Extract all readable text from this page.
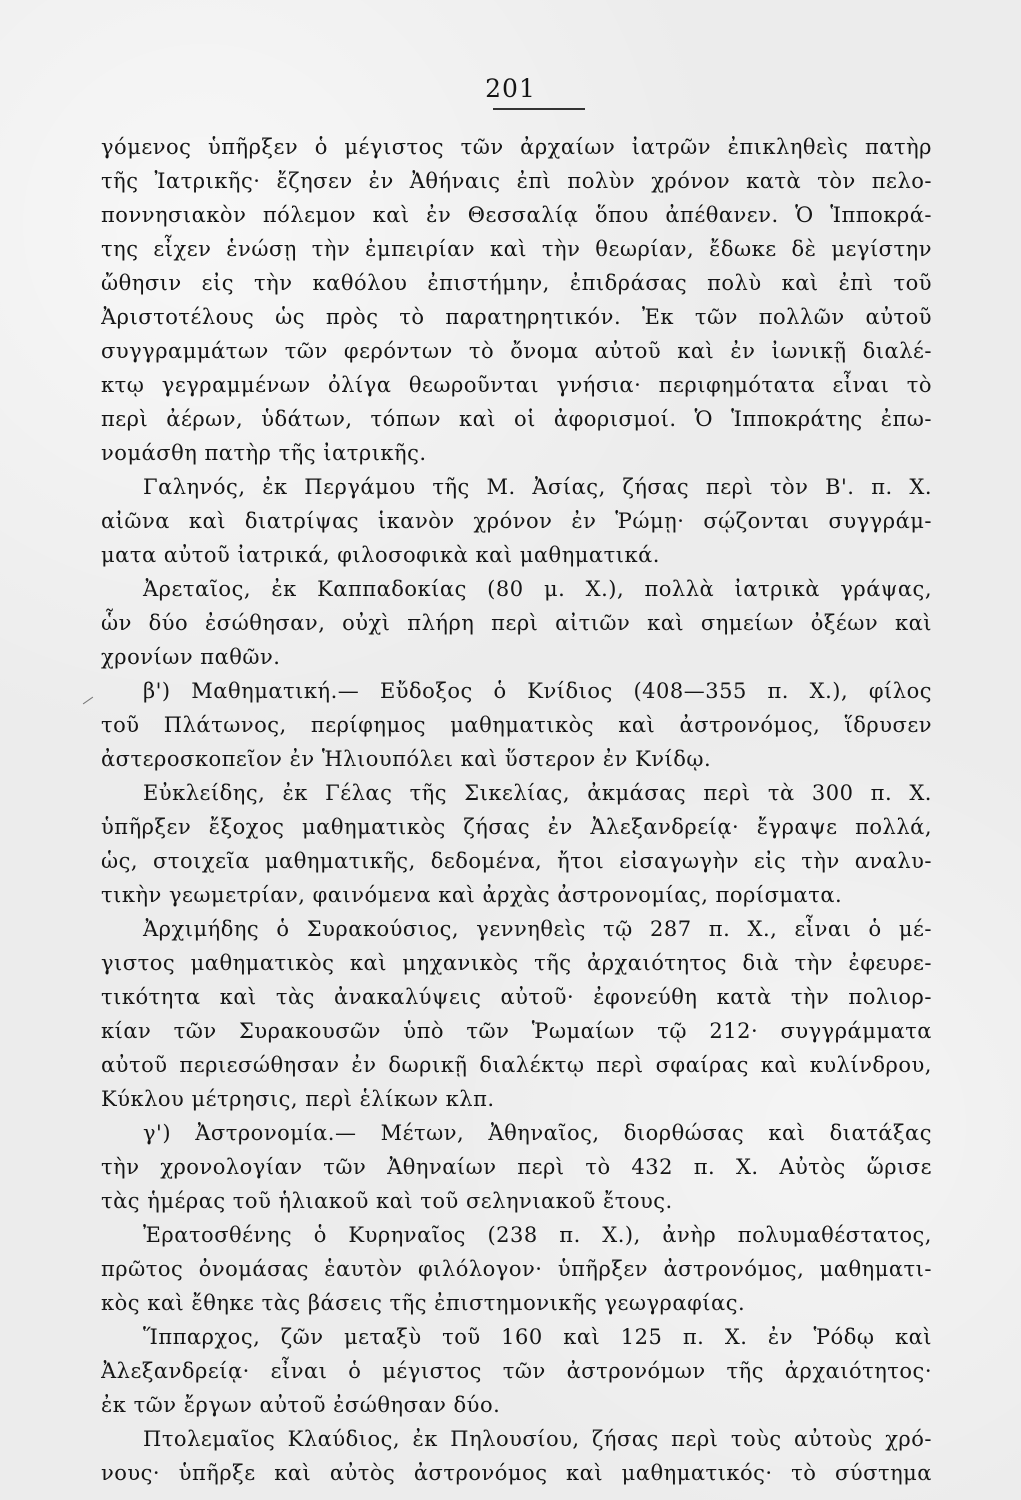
201
γόμενος ὑπῆρξεν ὁ μέγιστος τῶν ἀρχαίων ἰατρῶν ἐπικληθεὶς πατὴρ
τῆς Ἰατρικῆς· ἔζησεν ἐν Ἀθήναις ἐπὶ πολὺν χρόνον κατὰ τὸν πελο-
ποννησιακὸν πόλεμον καὶ ἐν Θεσσαλίᾳ ὅπου ἀπέθανεν. Ὁ Ἱπποκρά-
της εἶχεν ἑνώσῃ τὴν ἐμπειρίαν καὶ τὴν θεωρίαν, ἔδωκε δὲ μεγίστην
ὤθησιν εἰς τὴν καθόλου ἐπιστήμην, ἐπιδράσας πολὺ καὶ ἐπὶ τοῦ
Ἀριστοτέλους ὡς πρὸς τὸ παρατηρητικόν. Ἐκ τῶν πολλῶν αὐτοῦ
συγγραμμάτων τῶν φερόντων τὸ ὄνομα αὐτοῦ καὶ ἐν ἰωνικῇ διαλέ-
κτῳ γεγραμμένων ὀλίγα θεωροῦνται γνήσια· περιφημότατα εἶναι τὸ
περὶ ἀέρων, ὑδάτων, τόπων καὶ οἱ ἀφορισμοί. Ὁ Ἱπποκράτης ἐπω-
νομάσθη πατὴρ τῆς ἰατρικῆς.
Γαληνός, ἐκ Περγάμου τῆς Μ. Ἀσίας, ζήσας περὶ τὸν Β'. π. Χ.
αἰῶνα καὶ διατρίψας ἱκανὸν χρόνον ἐν Ῥώμῃ· σῴζονται συγγράμ-
ματα αὐτοῦ ἰατρικά, φιλοσοφικὰ καὶ μαθηματικά.
Ἀρεταῖος, ἐκ Καππαδοκίας (80 μ. Χ.), πολλὰ ἰατρικὰ γράψας,
ὧν δύο ἐσώθησαν, οὐχὶ πλήρη περὶ αἰτιῶν καὶ σημείων ὀξέων καὶ
χρονίων παθῶν.
β') Μαθηματική.— Εὔδοξος ὁ Κνίδιος (408—355 π. Χ.), φίλος
τοῦ Πλάτωνος, περίφημος μαθηματικὸς καὶ ἀστρονόμος, ἵδρυσεν
ἀστεροσκοπεῖον ἐν Ἡλιουπόλει καὶ ὕστερον ἐν Κνίδῳ.
Εὐκλείδης, ἐκ Γέλας τῆς Σικελίας, ἀκμάσας περὶ τὰ 300 π. Χ.
ὑπῆρξεν ἔξοχος μαθηματικὸς ζήσας ἐν Ἀλεξανδρείᾳ· ἔγραψε πολλά,
ὡς, στοιχεῖα μαθηματικῆς, δεδομένα, ἤτοι εἰσαγωγὴν εἰς τὴν αναλυ-
τικὴν γεωμετρίαν, φαινόμενα καὶ ἀρχὰς ἀστρονομίας, πορίσματα.
Ἀρχιμήδης ὁ Συρακούσιος, γεννηθεὶς τῷ 287 π. Χ., εἶναι ὁ μέ-
γιστος μαθηματικὸς καὶ μηχανικὸς τῆς ἀρχαιότητος διὰ τὴν ἐφευρε-
τικότητα καὶ τὰς ἀνακαλύψεις αὐτοῦ· ἐφονεύθη κατὰ τὴν πολιορ-
κίαν τῶν Συρακουσῶν ὑπὸ τῶν Ῥωμαίων τῷ 212· συγγράμματα
αὐτοῦ περιεσώθησαν ἐν δωρικῇ διαλέκτῳ περὶ σφαίρας καὶ κυλίνδρου,
Κύκλου μέτρησις, περὶ ἑλίκων κλπ.
γ') Ἀστρονομία.— Μέτων, Ἀθηναῖος, διορθώσας καὶ διατάξας
τὴν χρονολογίαν τῶν Ἀθηναίων περὶ τὸ 432 π. Χ. Αὐτὸς ὥρισε
τὰς ἡμέρας τοῦ ἡλιακοῦ καὶ τοῦ σεληνιακοῦ ἔτους.
Ἐρατοσθένης ὁ Κυρηναῖος (238 π. Χ.), ἀνὴρ πολυμαθέστατος,
πρῶτος ὀνομάσας ἑαυτὸν φιλόλογον· ὑπῆρξεν ἀστρονόμος, μαθηματι-
κὸς καὶ ἔθηκε τὰς βάσεις τῆς ἐπιστημονικῆς γεωγραφίας.
Ἵππαρχος, ζῶν μεταξὺ τοῦ 160 καὶ 125 π. Χ. ἐν Ῥόδῳ καὶ
Ἀλεξανδρείᾳ· εἶναι ὁ μέγιστος τῶν ἀστρονόμων τῆς ἀρχαιότητος·
ἐκ τῶν ἔργων αὐτοῦ ἐσώθησαν δύο.
Πτολεμαῖος Κλαύδιος, ἐκ Πηλουσίου, ζήσας περὶ τοὺς αὐτοὺς χρό-
νους· ὑπῆρξε καὶ αὐτὸς ἀστρονόμος καὶ μαθηματικός· τὸ σύστημα
